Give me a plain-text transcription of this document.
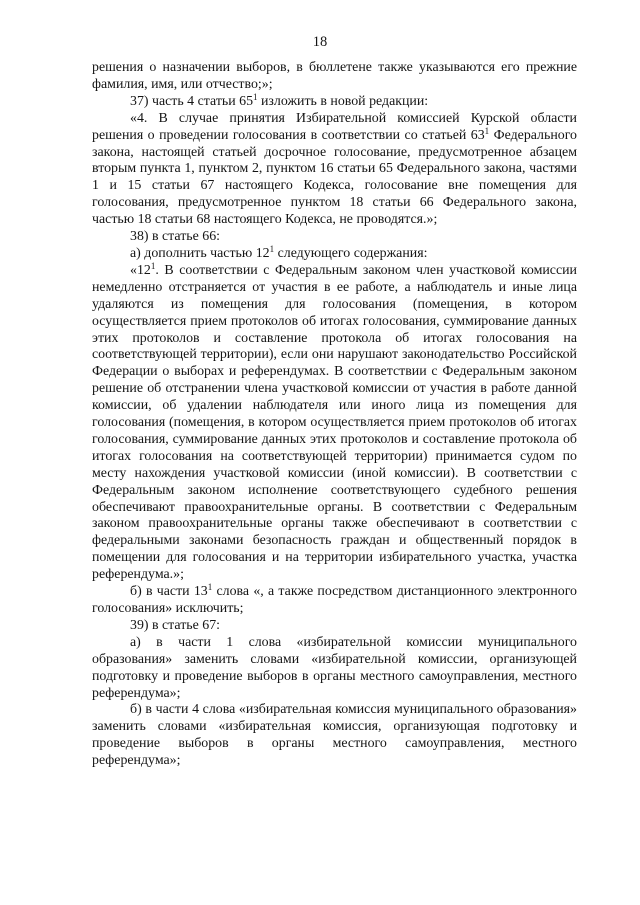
18

решения о назначении выборов, в бюллетене также указываются его прежние фамилия, имя, или отчество;»;

37) часть 4 статьи $65^1$ изложить в новой редакции:

«4. В случае принятия Избирательной комиссией Курской области решения о проведении голосования в соответствии со статьей $63^1$ Федерального закона, настоящей статьей досрочное голосование, предусмотренное абзацем вторым пункта 1, пунктом 2, пунктом 16 статьи 65 Федерального закона, частями 1 и 15 статьи 67 настоящего Кодекса, голосование вне помещения для голосования, предусмотренное пунктом 18 статьи 66 Федерального закона, частью 18 статьи 68 настоящего Кодекса, не проводятся.»;

38) в статье 66:

а) дополнить частью $12^1$ следующего содержания:

«$12^1$. В соответствии с Федеральным законом член участковой комиссии немедленно отстраняется от участия в ее работе, а наблюдатель и иные лица удаляются из помещения для голосования (помещения, в котором осуществляется прием протоколов об итогах голосования, суммирование данных этих протоколов и составление протокола об итогах голосования на соответствующей территории), если они нарушают законодательство Российской Федерации о выборах и референдумах. В соответствии с Федеральным законом решение об отстранении члена участковой комиссии от участия в работе данной комиссии, об удалении наблюдателя или иного лица из помещения для голосования (помещения, в котором осуществляется прием протоколов об итогах голосования, суммирование данных этих протоколов и составление протокола об итогах голосования на соответствующей территории) принимается судом по месту нахождения участковой комиссии (иной комиссии). В соответствии с Федеральным законом исполнение соответствующего судебного решения обеспечивают правоохранительные органы. В соответствии с Федеральным законом правоохранительные органы также обеспечивают в соответствии с федеральными законами безопасность граждан и общественный порядок в помещении для голосования и на территории избирательного участка, участка референдума.»;

б) в части $13^1$ слова «, а также посредством дистанционного электронного голосования» исключить;

39) в статье 67:

а) в части 1 слова «избирательной комиссии муниципального образования» заменить словами «избирательной комиссии, организующей подготовку и проведение выборов в органы местного самоуправления, местного референдума»;

б) в части 4 слова «избирательная комиссия муниципального образования» заменить словами «избирательная комиссия, организующая подготовку и проведение выборов в органы местного самоуправления, местного референдума»;
